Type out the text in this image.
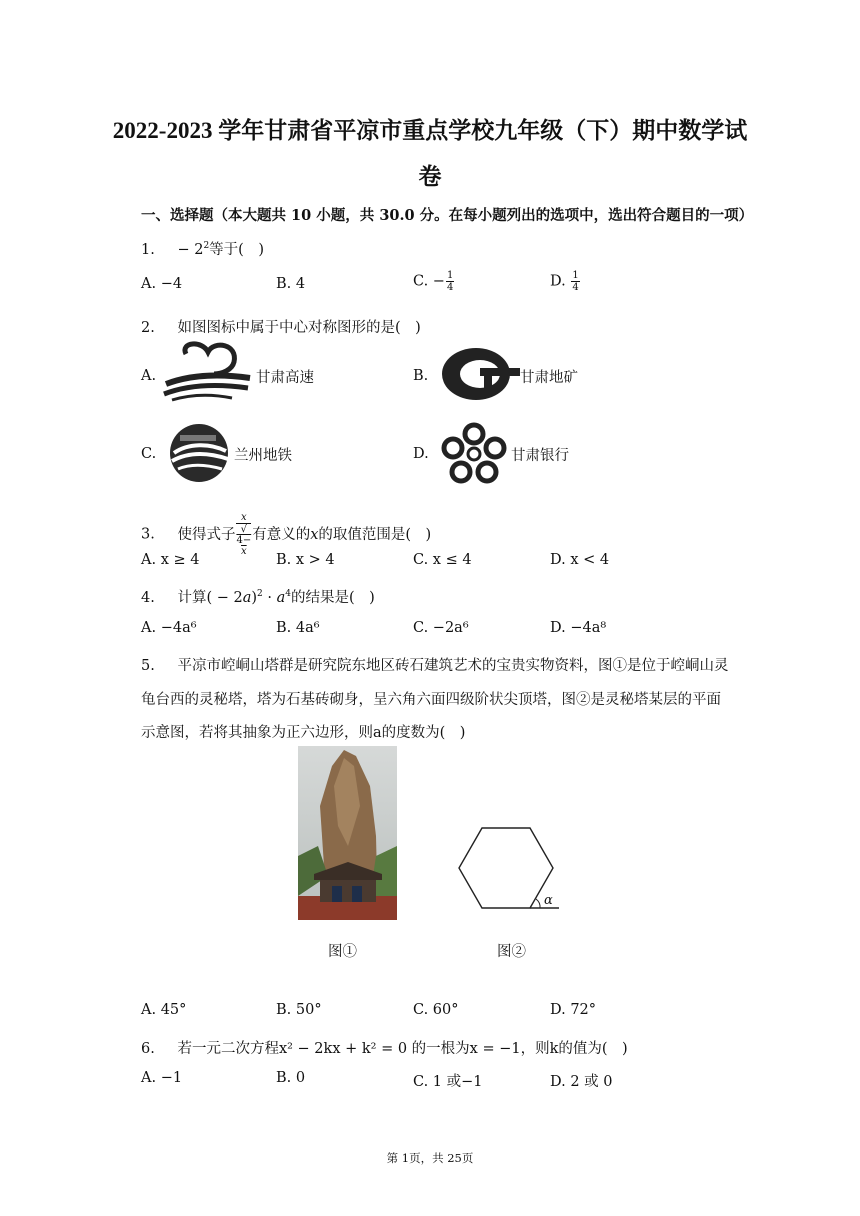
2022-2023 学年甘肃省平凉市重点学校九年级（下）期中数学试
卷
一、选择题（本大题共 10 小题，共 30.0 分。在每小题列出的选项中，选出符合题目的一项）
1. − $2^2$等于(　)
A. −4	B. 4	C. − $\frac{1}{4}$	D. $\frac{1}{4}$
2. 如图图标中属于中心对称图形的是(　)
A.	甘肃高速	B.	甘肃地矿
C.	兰州地铁	D.	甘肃银行
3. 使得式子 x
√
4−
x 有意义的x的取值范围是(　)
A. x ≥ 4	B. x > 4	C. x ≤ 4	D. x < 4
4. 计算( − $2a)^2 \cdot a^4$的结果是(　)
A. −4a⁶	B. 4a⁶	C. −2a⁶	D. −4a⁸
5. 平凉市崆峒山塔群是研究院东地区砖石建筑艺术的宝贵实物资料，图①是位于崆峒山灵
龟台西的灵秘塔，塔为石基砖砌身，呈六角六面四级阶状尖顶塔，图②是灵秘塔某层的平面
示意图，若将其抽象为正六边形，则a的度数为(　)
图①
α
图②
A. 45°	B. 50°	C. 60°	D. 72°
6. 若一元二次方程x² − 2kx + k² = 0 的一根为x = −1，则k的值为(　)
A. −1	B. 0	C. 1 或−1	D. 2 或 0
第 1页，共 25页
